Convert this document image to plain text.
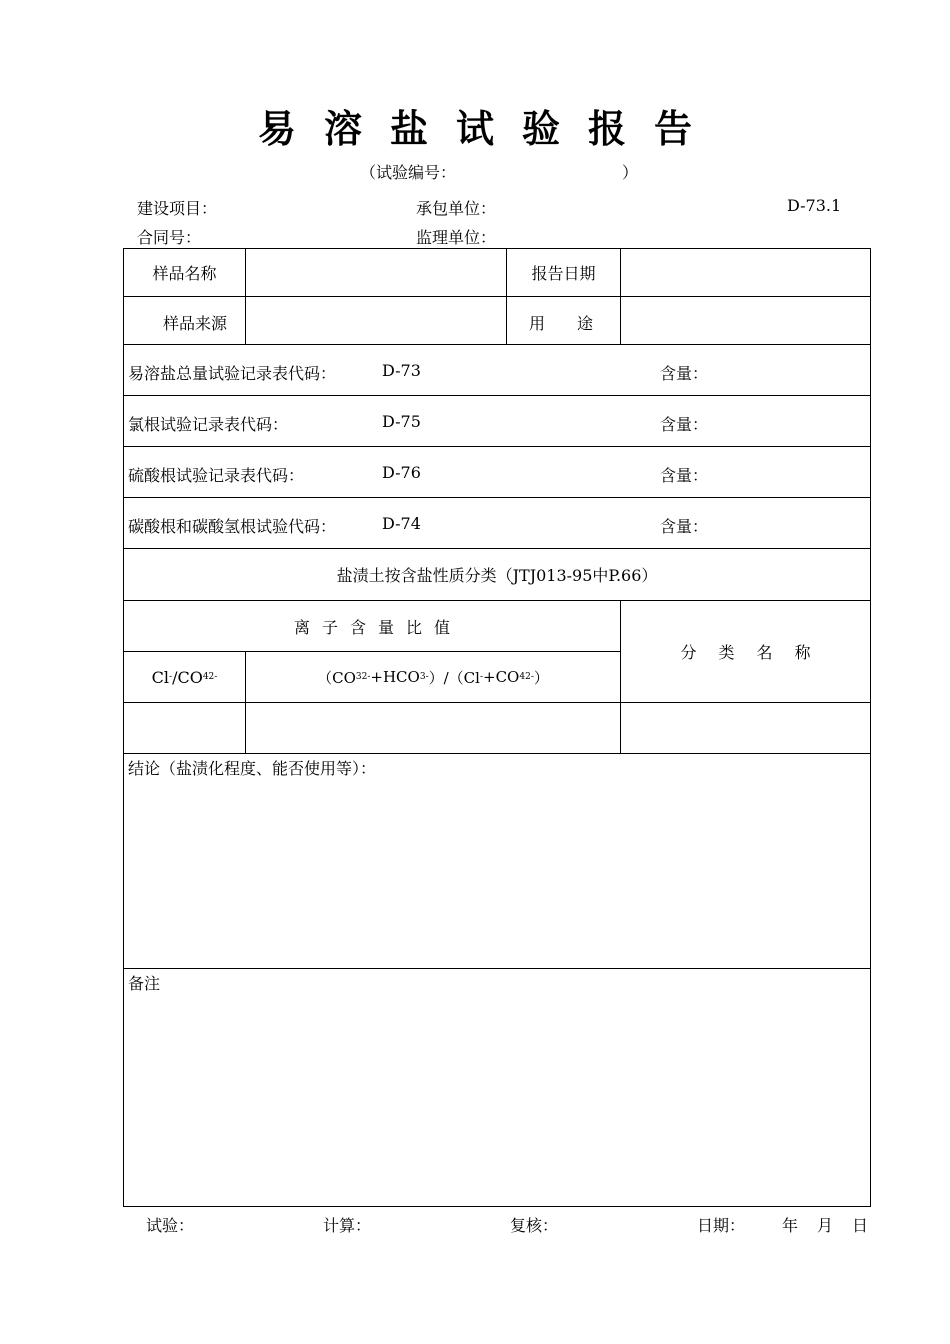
易 溶 盐 试 验 报 告
（试验编号：	）
建设项目：	承包单位：	D-73.1
合同号：	监理单位：
样品名称	报告日期
样品来源	用　　途
易溶盐总量试验记录表代码：	D-73	含量：
氯根试验记录表代码：	D-75	含量：
硫酸根试验记录表代码：	D-76	含量：
碳酸根和碳酸氢根试验代码：	D-74	含量：
盐渍土按含盐性质分类（JTJ013-95中P.66）
离 子 含 量 比 值
分 类 名 称
Cl - /CO 4 2-	（CO 3 2- +HCO 3 - ）/（Cl - +CO 4 2- ）
结论（盐渍化程度、能否使用等）：
备注
试验：	计算：	复核：	日期： 年 月 日
